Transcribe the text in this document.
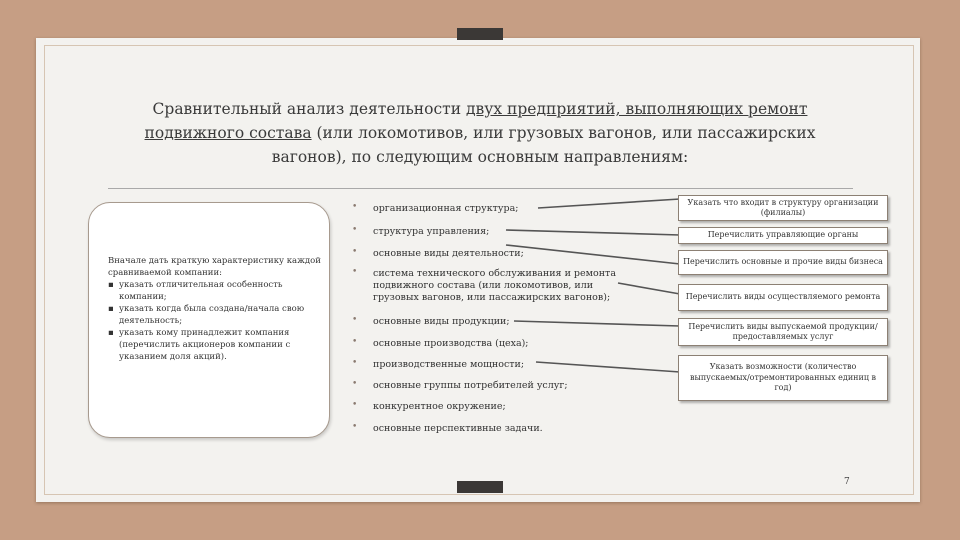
Сравнительный анализ деятельности двух предприятий, выполняющих ремонт
подвижного состава (или локомотивов, или грузовых вагонов, или пассажирских
вагонов), по следующим основным направлениям:

Вначале дать краткую характеристику каждой сравниваемой компании:

▪ указать отличительная особенность компании;
▪ указать когда была создана/начала свою деятельность;
▪ указать кому принадлежит компания (перечислить акционеров компании с указанием доля акций).
• организационная структура;
• структура управления;
• основные виды деятельности;
• система технического обслуживания и ремонта
подвижного состава (или локомотивов, или
грузовых вагонов, или пассажирских вагонов);
• основные виды продукции;
• основные производства (цеха);
• производственные мощности;
• основные группы потребителей услуг;
• конкурентное окружение;
• основные перспективные задачи.
Указать что входит в структуру организации (филиалы)
Перечислить управляющие органы
Перечислить основные и прочие виды бизнеса
Перечислить виды осуществляемого ремонта
Перечислить виды выпускаемой продукции/предоставляемых услуг
Указать возможности (количество выпускаемых/отремонтированных единиц в год)
7
